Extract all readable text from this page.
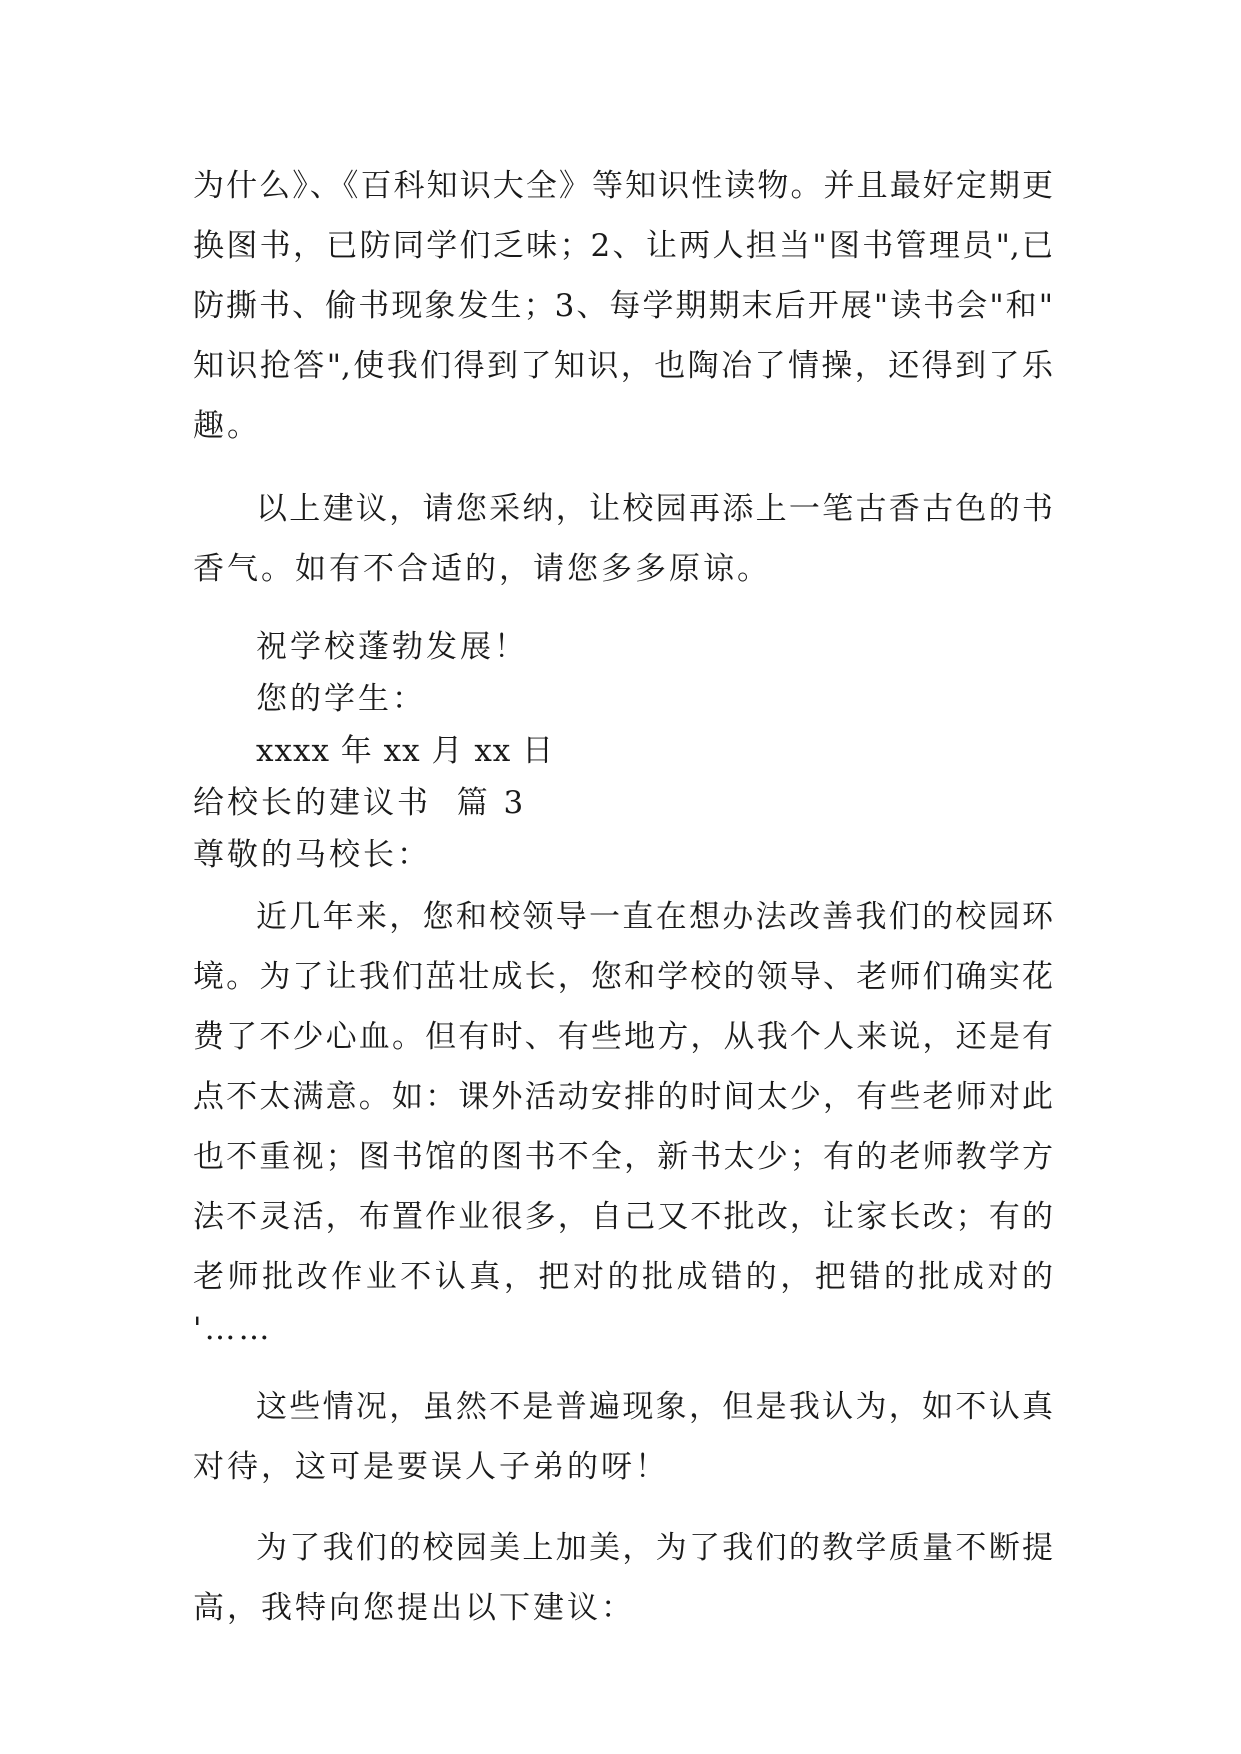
为什么》、《百科知识大全》等知识性读物。并且最好定期更
换图书，已防同学们乏味；2、让两人担当"图书管理员",已
防撕书、偷书现象发生；3、每学期期末后开展"读书会"和"
知识抢答",使我们得到了知识，也陶冶了情操，还得到了乐
趣。
以上建议，请您采纳，让校园再添上一笔古香古色的书
香气。如有不合适的，请您多多原谅。
祝学校蓬勃发展！
您的学生：
xxxx 年 xx 月 xx 日
给校长的建议书  篇 3
尊敬的马校长：
近几年来，您和校领导一直在想办法改善我们的校园环
境。为了让我们茁壮成长，您和学校的领导、老师们确实花
费了不少心血。但有时、有些地方，从我个人来说，还是有
点不太满意。如：课外活动安排的时间太少，有些老师对此
也不重视；图书馆的图书不全，新书太少；有的老师教学方
法不灵活，布置作业很多，自己又不批改，让家长改；有的
老师批改作业不认真，把对的批成错的，把错的批成对的
'……
这些情况，虽然不是普遍现象，但是我认为，如不认真
对待，这可是要误人子弟的呀！
为了我们的校园美上加美，为了我们的教学质量不断提
高，我特向您提出以下建议：
